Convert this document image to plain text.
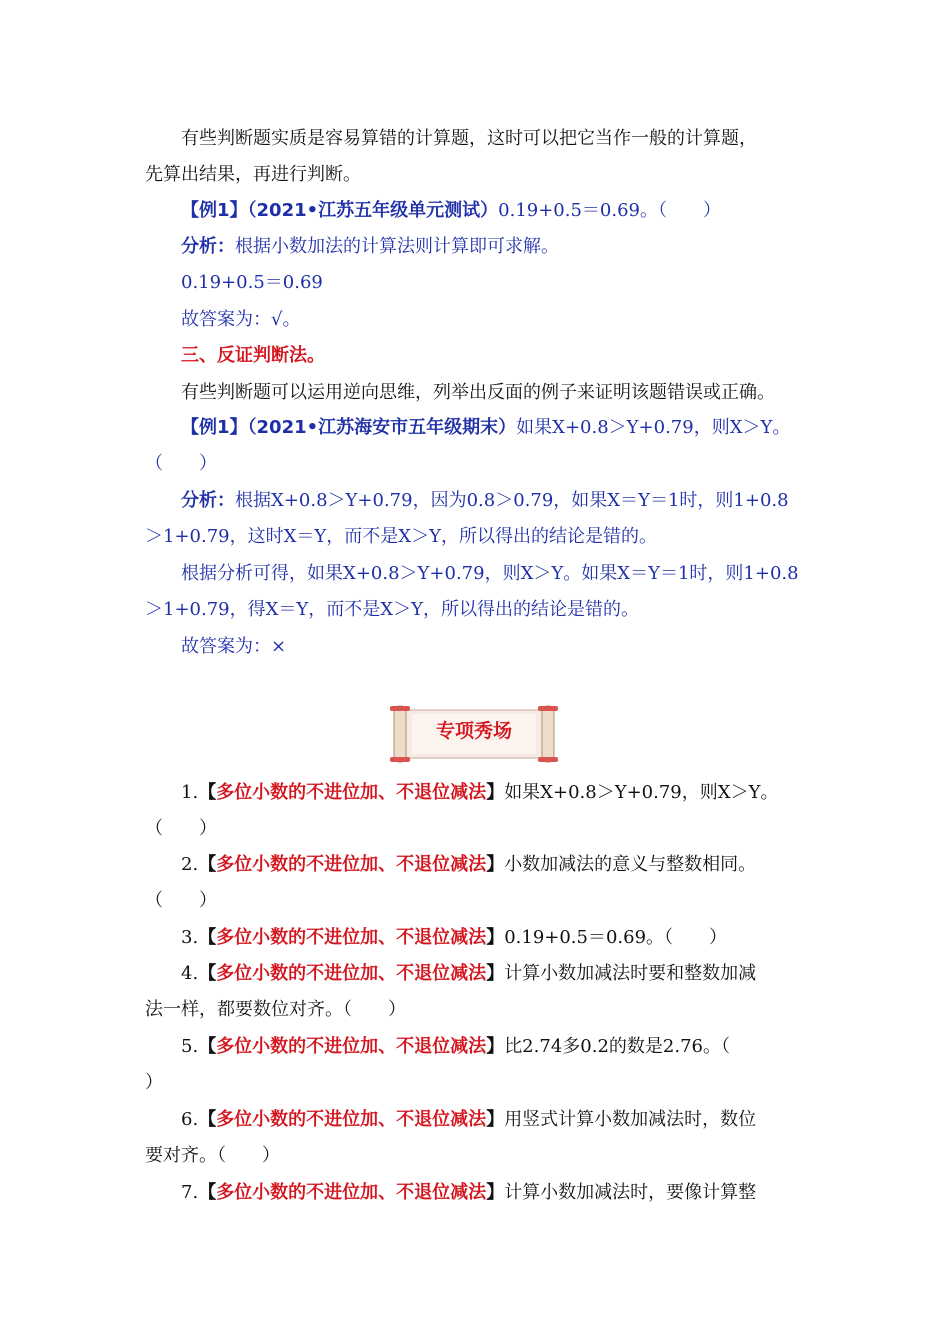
有些判断题实质是容易算错的计算题，这时可以把它当作一般的计算题，
先算出结果，再进行判断。
【例1】（2021•江苏五年级单元测试）0.19+0.5＝0.69。（　　）
分析：根据小数加法的计算法则计算即可求解。
0.19+0.5＝0.69
故答案为：√。
三、反证判断法。
有些判断题可以运用逆向思维，列举出反面的例子来证明该题错误或正确。
【例1】（2021•江苏海安市五年级期末）如果X+0.8＞Y+0.79，则X＞Y。
（　　）
分析：根据X+0.8＞Y+0.79，因为0.8＞0.79，如果X＝Y＝1时，则1+0.8
＞1+0.79，这时X＝Y，而不是X＞Y，所以得出的结论是错的。
根据分析可得，如果X+0.8＞Y+0.79，则X＞Y。如果X＝Y＝1时，则1+0.8
＞1+0.79，得X＝Y，而不是X＞Y，所以得出的结论是错的。
故答案为：×
专项秀场
1.【多位小数的不进位加、不退位减法】如果X+0.8＞Y+0.79，则X＞Y。
（　　）
2.【多位小数的不进位加、不退位减法】小数加减法的意义与整数相同。
（　　）
3.【多位小数的不进位加、不退位减法】0.19+0.5＝0.69。（　　）
4.【多位小数的不进位加、不退位减法】计算小数加减法时要和整数加减
法一样，都要数位对齐。（　　）
5.【多位小数的不进位加、不退位减法】比2.74多0.2的数是2.76。（
）
6.【多位小数的不进位加、不退位减法】用竖式计算小数加减法时，数位
要对齐。（　　）
7.【多位小数的不进位加、不退位减法】计算小数加减法时，要像计算整
